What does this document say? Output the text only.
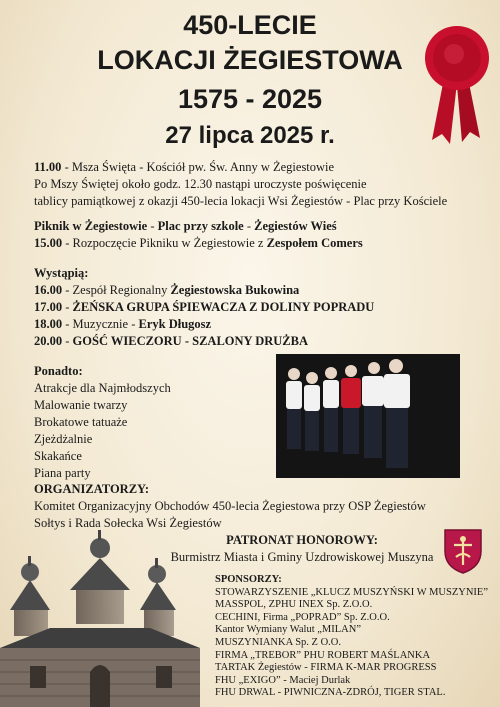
450-LECIE
LOKACJI ŻEGIESTOWA
1575 - 2025
27 lipca 2025 r.
11.00 - Msza Święta - Kościół pw. Św. Anny w Żegiestowie
Po Mszy Świętej około godz. 12.30 nastąpi uroczyste poświęcenie
tablicy pamiątkowej z okazji 450-lecia lokacji Wsi Żegiestów - Plac przy Kościele
Piknik w Żegiestowie - Plac przy szkole - Żegiestów Wieś
15.00 - Rozpoczęcie Pikniku w Żegiestowie z Zespołem Comers
Wystąpią:
16.00 - Zespół Regionalny Żegiestowska Bukowina
17.00 - ŻEŃSKA GRUPA ŚPIEWACZA Z DOLINY POPRADU
18.00 - Muzycznie - Eryk Długosz
20.00 - GOŚĆ WIECZORU - SZALONY DRUŻBA
Ponadto:
Atrakcje dla Najmłodszych
Malowanie twarzy
Brokatowe tatuaże
Zjeżdżalnie
Skakańce
Piana party
ORGANIZATORZY:
Komitet Organizacyjny Obchodów 450-lecia Żegiestowa przy OSP Żegiestów
Sołtys i Rada Sołecka Wsi Żegiestów
PATRONAT HONOROWY:
Burmistrz Miasta i Gminy Uzdrowiskowej Muszyna
SPONSORZY:
STOWARZYSZENIE „KLUCZ MUSZYŃSKI W MUSZYNIE”
MASSPOL, ZPHU INEX Sp. Z.O.O.
CECHINI, Firma „POPRAD” Sp. Z.O.O.
Kantor Wymiany Walut „MILAN”
MUSZYNIANKA Sp. Z O.O.
FIRMA „TREBOR” PHU ROBERT MAŚLANKA
TARTAK Żegiestów - FIRMA K-MAR PROGRESS
FHU „EXIGO” - Maciej Durlak
FHU DRWAL - PIWNICZNA-ZDRÓJ, TIGER STAL.
